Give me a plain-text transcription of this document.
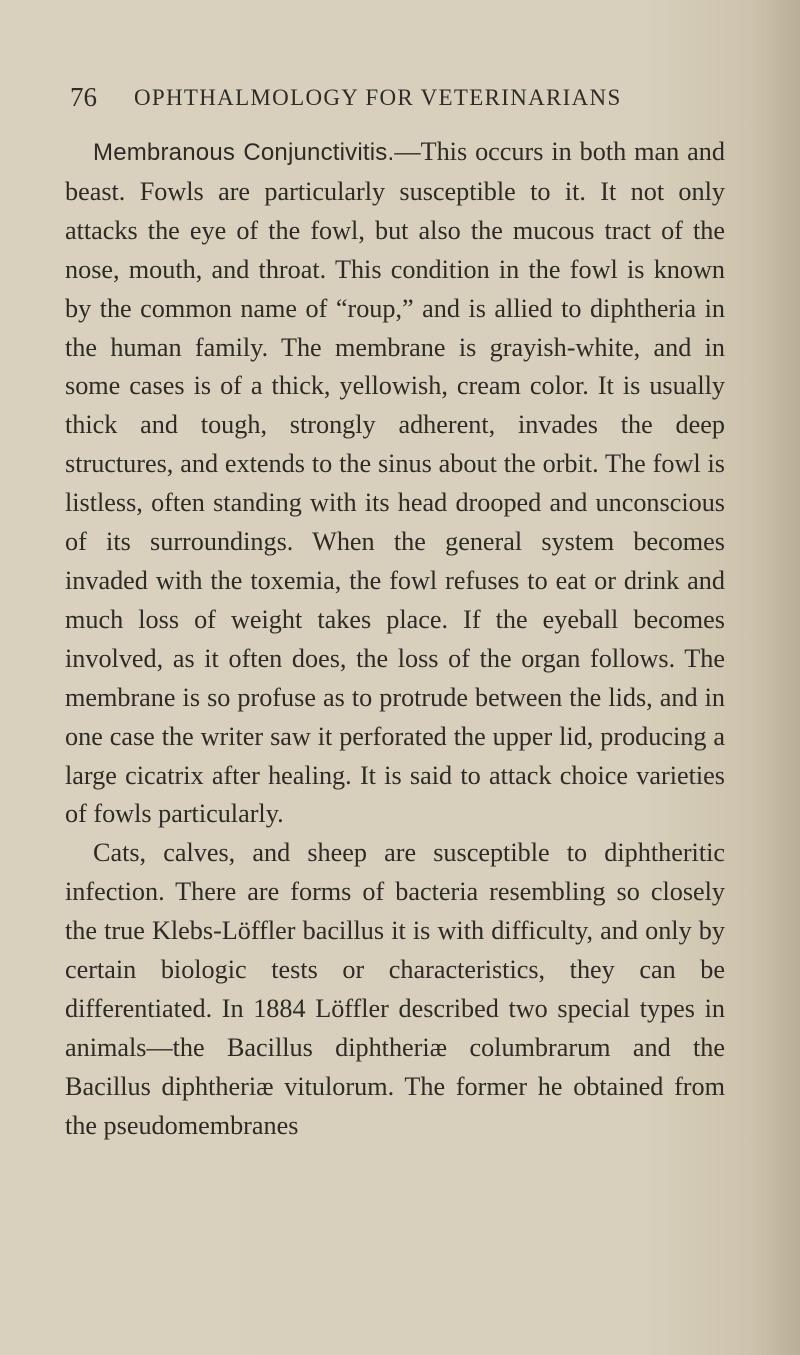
76 OPHTHALMOLOGY FOR VETERINARIANS

Membranous Conjunctivitis.—This occurs in both man and beast. Fowls are particularly susceptible to it. It not only attacks the eye of the fowl, but also the mucous tract of the nose, mouth, and throat. This condition in the fowl is known by the common name of “roup,” and is allied to diphtheria in the human family. The membrane is grayish-white, and in some cases is of a thick, yellowish, cream color. It is usually thick and tough, strongly adherent, invades the deep structures, and extends to the sinus about the orbit. The fowl is listless, often standing with its head drooped and unconscious of its surroundings. When the general system becomes invaded with the toxemia, the fowl refuses to eat or drink and much loss of weight takes place. If the eyeball becomes involved, as it often does, the loss of the organ follows. The membrane is so profuse as to protrude between the lids, and in one case the writer saw it perforated the upper lid, producing a large cicatrix after healing. It is said to attack choice varieties of fowls particularly.

Cats, calves, and sheep are susceptible to diphtheritic infection. There are forms of bacteria resembling so closely the true Klebs-Löffler bacillus it is with difficulty, and only by certain biologic tests or characteristics, they can be differentiated. In 1884 Löffler described two special types in animals—the Bacillus diphtheriæ columbrarum and the Bacillus diphtheriæ vitulorum. The former he obtained from the pseudomembranes
